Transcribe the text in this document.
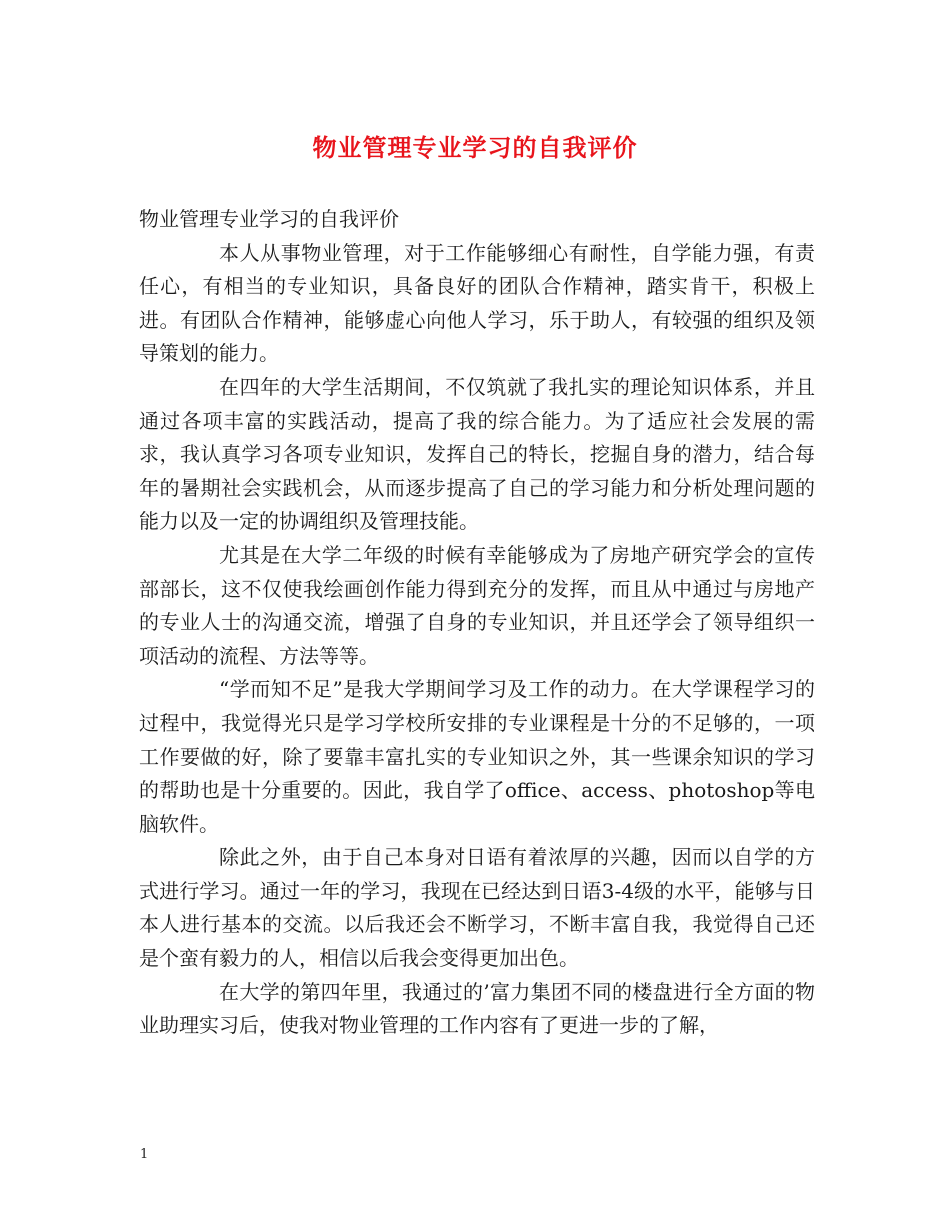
物业管理专业学习的自我评价

物业管理专业学习的自我评价

本人从事物业管理，对于工作能够细心有耐性，自学能力强，有责任心，有相当的专业知识，具备良好的团队合作精神，踏实肯干，积极上进。有团队合作精神，能够虚心向他人学习，乐于助人，有较强的组织及领导策划的能力。

在四年的大学生活期间，不仅筑就了我扎实的理论知识体系，并且通过各项丰富的实践活动，提高了我的综合能力。为了适应社会发展的需求，我认真学习各项专业知识，发挥自己的特长，挖掘自身的潜力，结合每年的暑期社会实践机会，从而逐步提高了自己的学习能力和分析处理问题的能力以及一定的协调组织及管理技能。

尤其是在大学二年级的时候有幸能够成为了房地产研究学会的宣传部部长，这不仅使我绘画创作能力得到充分的发挥，而且从中通过与房地产的专业人士的沟通交流，增强了自身的专业知识，并且还学会了领导组织一项活动的流程、方法等等。

“学而知不足”是我大学期间学习及工作的动力。在大学课程学习的过程中，我觉得光只是学习学校所安排的专业课程是十分的不足够的，一项工作要做的好，除了要靠丰富扎实的专业知识之外，其一些课余知识的学习的帮助也是十分重要的。因此，我自学了office、access、photoshop等电脑软件。

除此之外，由于自己本身对日语有着浓厚的兴趣，因而以自学的方式进行学习。通过一年的学习，我现在已经达到日语3-4级的水平，能够与日本人进行基本的交流。以后我还会不断学习，不断丰富自我，我觉得自己还是个蛮有毅力的人，相信以后我会变得更加出色。

在大学的第四年里，我通过的’富力集团不同的楼盘进行全方面的物业助理实习后，使我对物业管理的工作内容有了更进一步的了解，

1
